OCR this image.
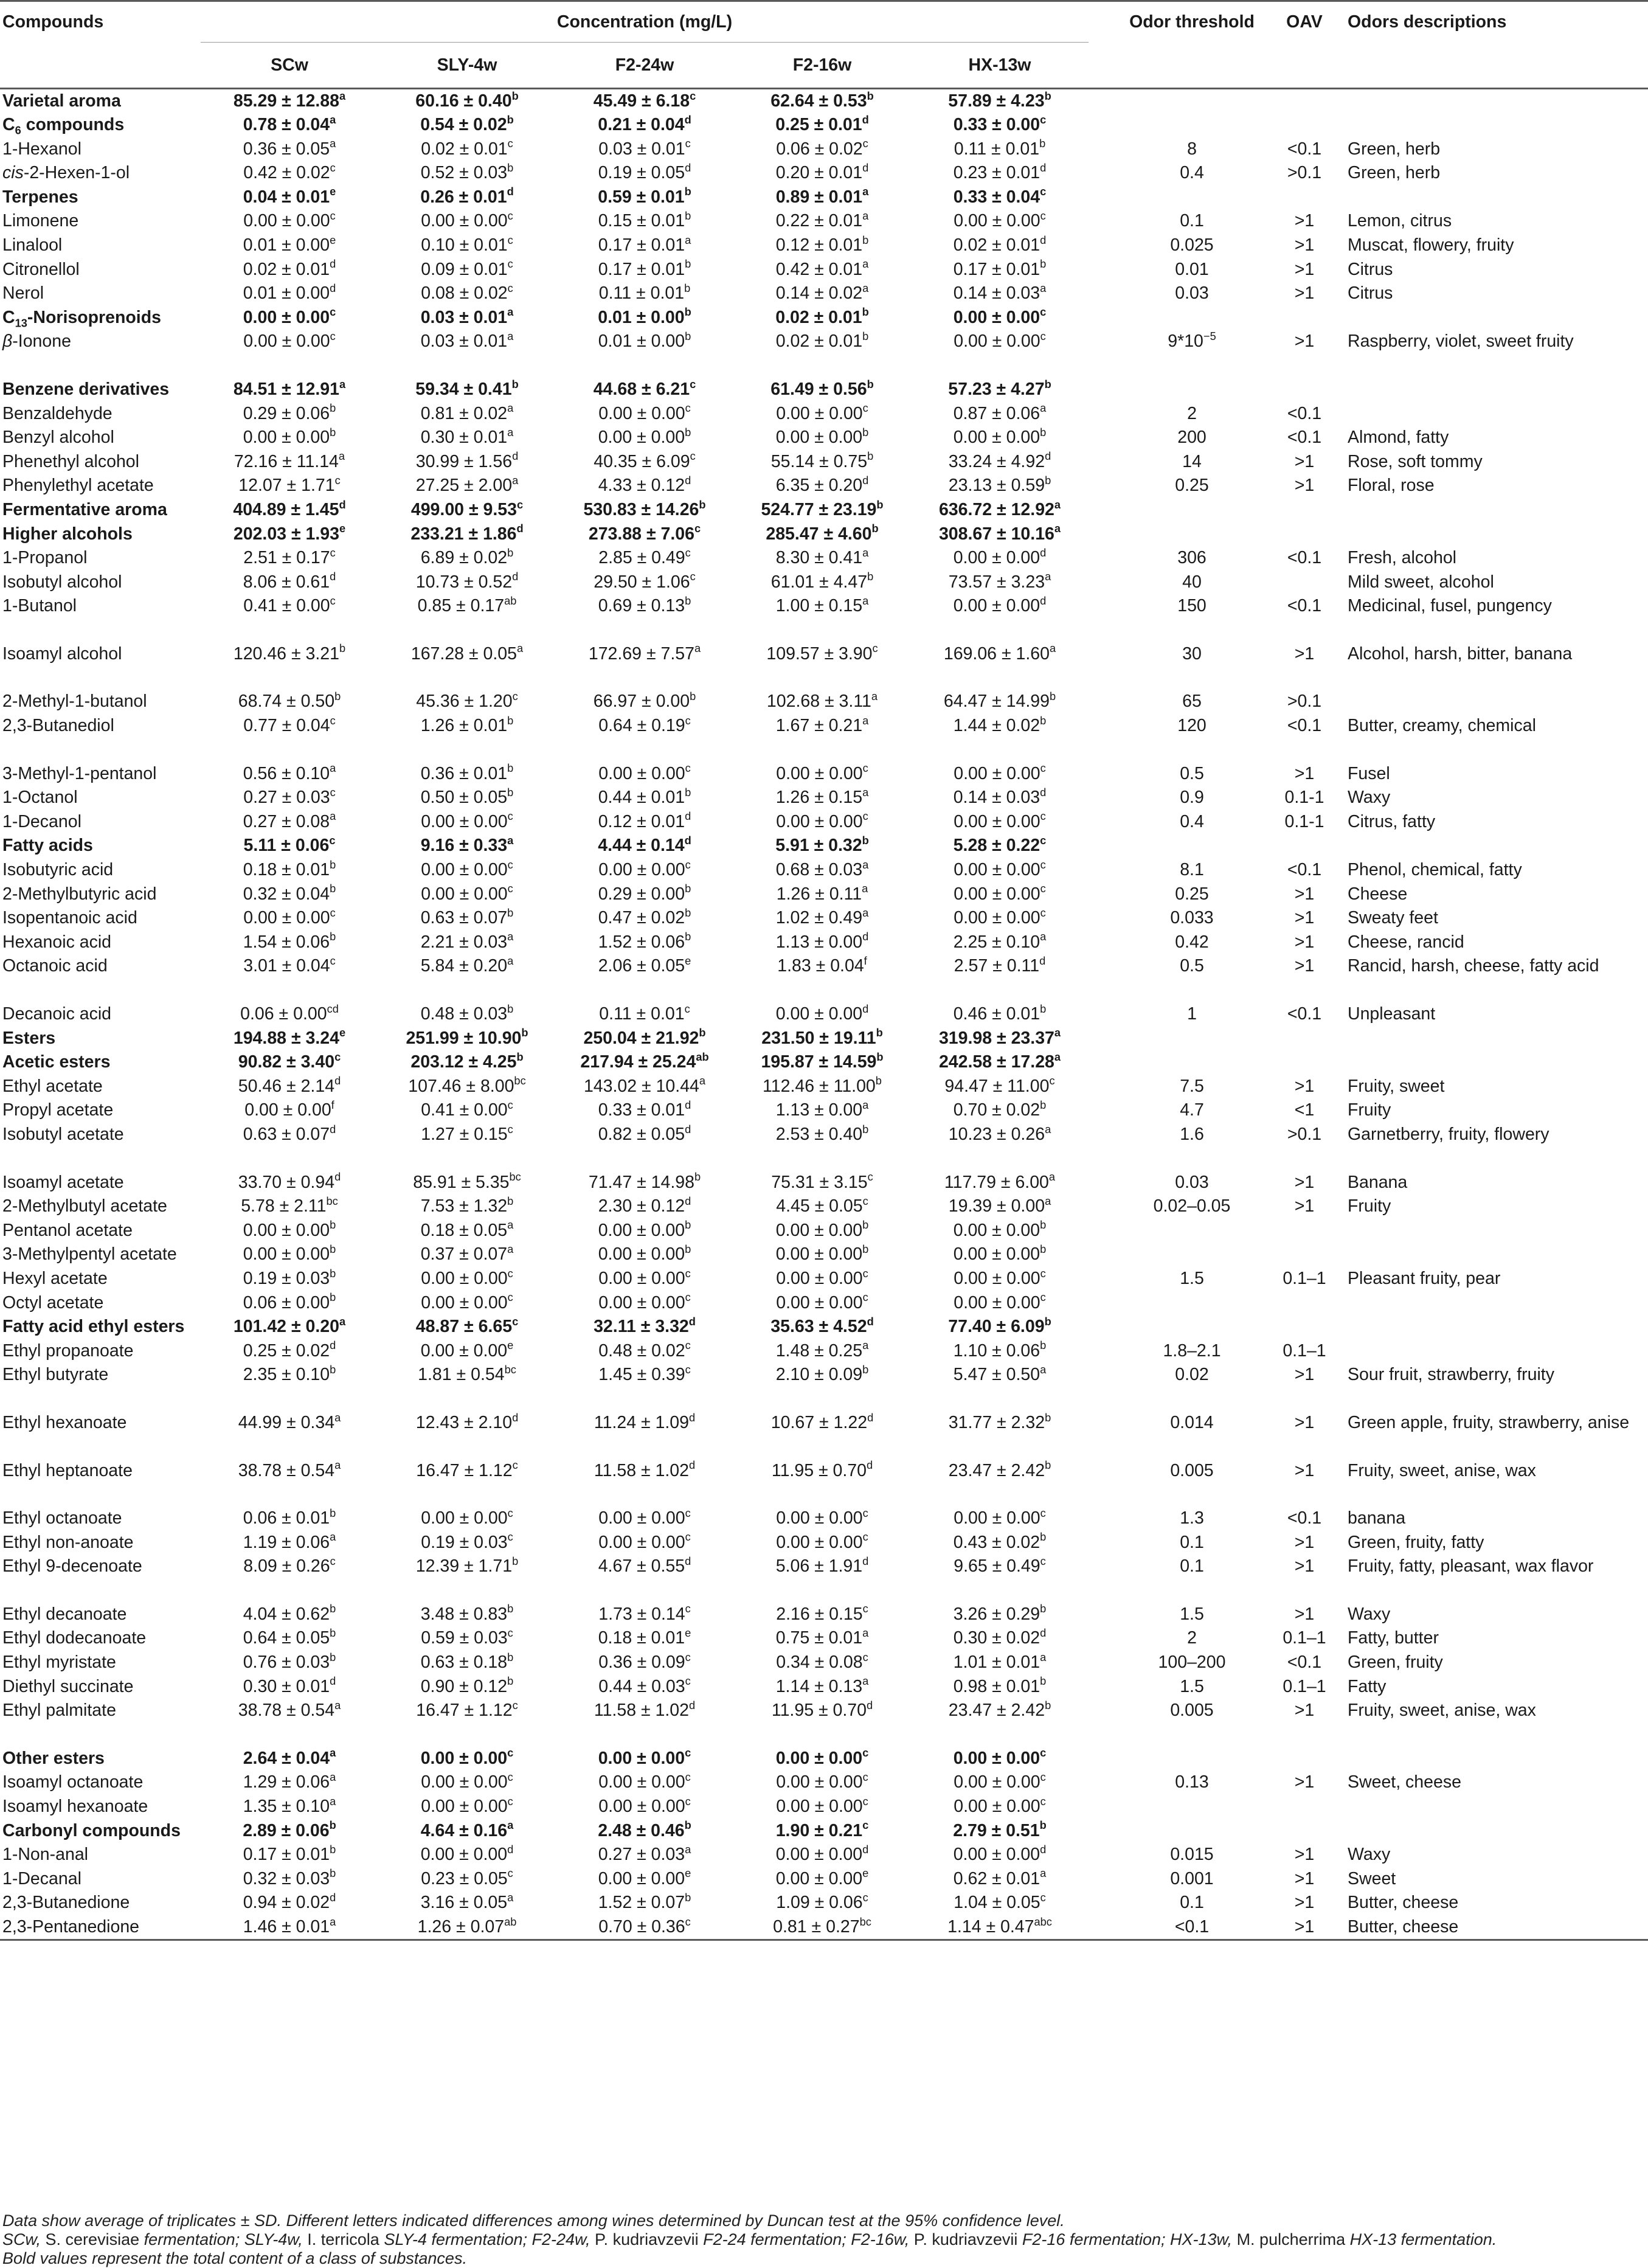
Compounds	Concentration (mg/L)						Odor threshold	OAV	Odors descriptions
	SCw	SLY-4w	F2-24w	F2-16w	HX-13w				
Varietal aroma	85.29 ± 12.88$^a$	60.16 ± 0.40$^b$	45.49 ± 6.18$^c$	62.64 ± 0.53$^b$	57.89 ± 4.23$^b$				
$C_6$ compounds	0.78 ± 0.04$^a$	0.54 ± 0.02$^b$	0.21 ± 0.04$^d$	0.25 ± 0.01$^d$	0.33 ± 0.00$^c$				
1-Hexanol	0.36 ± 0.05$^a$	0.02 ± 0.01$^c$	0.03 ± 0.01$^c$	0.06 ± 0.02$^c$	0.11 ± 0.01$^b$		8	<0.1	Green, herb
cis-2-Hexen-1-ol	0.42 ± 0.02$^c$	0.52 ± 0.03$^b$	0.19 ± 0.05$^d$	0.20 ± 0.01$^d$	0.23 ± 0.01$^d$		0.4	>0.1	Green, herb
Terpenes	0.04 ± 0.01$^e$	0.26 ± 0.01$^d$	0.59 ± 0.01$^b$	0.89 ± 0.01$^a$	0.33 ± 0.04$^c$				
Limonene	0.00 ± 0.00$^c$	0.00 ± 0.00$^c$	0.15 ± 0.01$^b$	0.22 ± 0.01$^a$	0.00 ± 0.00$^c$		0.1	>1	Lemon, citrus
Linalool	0.01 ± 0.00$^e$	0.10 ± 0.01$^c$	0.17 ± 0.01$^a$	0.12 ± 0.01$^b$	0.02 ± 0.01$^d$		0.025	>1	Muscat, flowery, fruity
Citronellol	0.02 ± 0.01$^d$	0.09 ± 0.01$^c$	0.17 ± 0.01$^b$	0.42 ± 0.01$^a$	0.17 ± 0.01$^b$		0.01	>1	Citrus
Nerol	0.01 ± 0.00$^d$	0.08 ± 0.02$^c$	0.11 ± 0.01$^b$	0.14 ± 0.02$^a$	0.14 ± 0.03$^a$		0.03	>1	Citrus
$C_{13}$-Norisoprenoids	0.00 ± 0.00$^c$	0.03 ± 0.01$^a$	0.01 ± 0.00$^b$	0.02 ± 0.01$^b$	0.00 ± 0.00$^c$				
β-Ionone	0.00 ± 0.00$^c$	0.03 ± 0.01$^a$	0.01 ± 0.00$^b$	0.02 ± 0.01$^b$	0.00 ± 0.00$^c$		$9*10^{-5}$	>1	Raspberry, violet, sweet fruity
Benzene derivatives	84.51 ± 12.91$^a$	59.34 ± 0.41$^b$	44.68 ± 6.21$^c$	61.49 ± 0.56$^b$	57.23 ± 4.27$^b$				
Benzaldehyde	0.29 ± 0.06$^b$	0.81 ± 0.02$^a$	0.00 ± 0.00$^c$	0.00 ± 0.00$^c$	0.87 ± 0.06$^a$		2	<0.1	
Benzyl alcohol	0.00 ± 0.00$^b$	0.30 ± 0.01$^a$	0.00 ± 0.00$^b$	0.00 ± 0.00$^b$	0.00 ± 0.00$^b$		200	<0.1	Almond, fatty
Phenethyl alcohol	72.16 ± 11.14$^a$	30.99 ± 1.56$^d$	40.35 ± 6.09$^c$	55.14 ± 0.75$^b$	33.24 ± 4.92$^d$		14	>1	Rose, soft tommy
Phenylethyl acetate	12.07 ± 1.71$^c$	27.25 ± 2.00$^a$	4.33 ± 0.12$^d$	6.35 ± 0.20$^d$	23.13 ± 0.59$^b$		0.25	>1	Floral, rose
Fermentative aroma	404.89 ± 1.45$^d$	499.00 ± 9.53$^c$	530.83 ± 14.26$^b$	524.77 ± 23.19$^b$	636.72 ± 12.92$^a$				
Higher alcohols	202.03 ± 1.93$^e$	233.21 ± 1.86$^d$	273.88 ± 7.06$^c$	285.47 ± 4.60$^b$	308.67 ± 10.16$^a$				
1-Propanol	2.51 ± 0.17$^c$	6.89 ± 0.02$^b$	2.85 ± 0.49$^c$	8.30 ± 0.41$^a$	0.00 ± 0.00$^d$		306	<0.1	Fresh, alcohol
Isobutyl alcohol	8.06 ± 0.61$^d$	10.73 ± 0.52$^d$	29.50 ± 1.06$^c$	61.01 ± 4.47$^b$	73.57 ± 3.23$^a$		40		Mild sweet, alcohol
1-Butanol	0.41 ± 0.00$^c$	0.85 ± 0.17$^{ab}$	0.69 ± 0.13$^b$	1.00 ± 0.15$^a$	0.00 ± 0.00$^d$		150	<0.1	Medicinal, fusel, pungency
Isoamyl alcohol	120.46 ± 3.21$^b$	167.28 ± 0.05$^a$	172.69 ± 7.57$^a$	109.57 ± 3.90$^c$	169.06 ± 1.60$^a$		30	>1	Alcohol, harsh, bitter, banana
2-Methyl-1-butanol	68.74 ± 0.50$^b$	45.36 ± 1.20$^c$	66.97 ± 0.00$^b$	102.68 ± 3.11$^a$	64.47 ± 14.99$^b$		65	>0.1	
2,3-Butanediol	0.77 ± 0.04$^c$	1.26 ± 0.01$^b$	0.64 ± 0.19$^c$	1.67 ± 0.21$^a$	1.44 ± 0.02$^b$		120	<0.1	Butter, creamy, chemical
3-Methyl-1-pentanol	0.56 ± 0.10$^a$	0.36 ± 0.01$^b$	0.00 ± 0.00$^c$	0.00 ± 0.00$^c$	0.00 ± 0.00$^c$		0.5	>1	Fusel
1-Octanol	0.27 ± 0.03$^c$	0.50 ± 0.05$^b$	0.44 ± 0.01$^b$	1.26 ± 0.15$^a$	0.14 ± 0.03$^d$		0.9	0.1-1	Waxy
1-Decanol	0.27 ± 0.08$^a$	0.00 ± 0.00$^c$	0.12 ± 0.01$^d$	0.00 ± 0.00$^c$	0.00 ± 0.00$^c$		0.4	0.1-1	Citrus, fatty
Fatty acids	5.11 ± 0.06$^c$	9.16 ± 0.33$^a$	4.44 ± 0.14$^d$	5.91 ± 0.32$^b$	5.28 ± 0.22$^c$				
Isobutyric acid	0.18 ± 0.01$^b$	0.00 ± 0.00$^c$	0.00 ± 0.00$^c$	0.68 ± 0.03$^a$	0.00 ± 0.00$^c$		8.1	<0.1	Phenol, chemical, fatty
2-Methylbutyric acid	0.32 ± 0.04$^b$	0.00 ± 0.00$^c$	0.29 ± 0.00$^b$	1.26 ± 0.11$^a$	0.00 ± 0.00$^c$		0.25	>1	Cheese
Isopentanoic acid	0.00 ± 0.00$^c$	0.63 ± 0.07$^b$	0.47 ± 0.02$^b$	1.02 ± 0.49$^a$	0.00 ± 0.00$^c$		0.033	>1	Sweaty feet
Hexanoic acid	1.54 ± 0.06$^b$	2.21 ± 0.03$^a$	1.52 ± 0.06$^b$	1.13 ± 0.00$^d$	2.25 ± 0.10$^a$		0.42	>1	Cheese, rancid
Octanoic acid	3.01 ± 0.04$^c$	5.84 ± 0.20$^a$	2.06 ± 0.05$^e$	1.83 ± 0.04$^f$	2.57 ± 0.11$^d$		0.5	>1	Rancid, harsh, cheese, fatty acid
Decanoic acid	0.06 ± 0.00$^{cd}$	0.48 ± 0.03$^b$	0.11 ± 0.01$^c$	0.00 ± 0.00$^d$	0.46 ± 0.01$^b$		1	<0.1	Unpleasant
Esters	194.88 ± 3.24$^e$	251.99 ± 10.90$^b$	250.04 ± 21.92$^b$	231.50 ± 19.11$^b$	319.98 ± 23.37$^a$				
Acetic esters	90.82 ± 3.40$^c$	203.12 ± 4.25$^b$	217.94 ± 25.24$^{ab}$	195.87 ± 14.59$^b$	242.58 ± 17.28$^a$				
Ethyl acetate	50.46 ± 2.14$^d$	107.46 ± 8.00$^{bc}$	143.02 ± 10.44$^a$	112.46 ± 11.00$^b$	94.47 ± 11.00$^c$		7.5	>1	Fruity, sweet
Propyl acetate	0.00 ± 0.00$^f$	0.41 ± 0.00$^c$	0.33 ± 0.01$^d$	1.13 ± 0.00$^a$	0.70 ± 0.02$^b$		4.7	<1	Fruity
Isobutyl acetate	0.63 ± 0.07$^d$	1.27 ± 0.15$^c$	0.82 ± 0.05$^d$	2.53 ± 0.40$^b$	10.23 ± 0.26$^a$		1.6	>0.1	Garnetberry, fruity, flowery
Isoamyl acetate	33.70 ± 0.94$^d$	85.91 ± 5.35$^{bc}$	71.47 ± 14.98$^b$	75.31 ± 3.15$^c$	117.79 ± 6.00$^a$		0.03	>1	Banana
2-Methylbutyl acetate	5.78 ± 2.11$^{bc}$	7.53 ± 1.32$^b$	2.30 ± 0.12$^d$	4.45 ± 0.05$^c$	19.39 ± 0.00$^a$		0.02–0.05	>1	Fruity
Pentanol acetate	0.00 ± 0.00$^b$	0.18 ± 0.05$^a$	0.00 ± 0.00$^b$	0.00 ± 0.00$^b$	0.00 ± 0.00$^b$				
3-Methylpentyl acetate	0.00 ± 0.00$^b$	0.37 ± 0.07$^a$	0.00 ± 0.00$^b$	0.00 ± 0.00$^b$	0.00 ± 0.00$^b$				
Hexyl acetate	0.19 ± 0.03$^b$	0.00 ± 0.00$^c$	0.00 ± 0.00$^c$	0.00 ± 0.00$^c$	0.00 ± 0.00$^c$		1.5	0.1–1	Pleasant fruity, pear
Octyl acetate	0.06 ± 0.00$^b$	0.00 ± 0.00$^c$	0.00 ± 0.00$^c$	0.00 ± 0.00$^c$	0.00 ± 0.00$^c$				
Fatty acid ethyl esters	101.42 ± 0.20$^a$	48.87 ± 6.65$^c$	32.11 ± 3.32$^d$	35.63 ± 4.52$^d$	77.40 ± 6.09$^b$				
Ethyl propanoate	0.25 ± 0.02$^d$	0.00 ± 0.00$^e$	0.48 ± 0.02$^c$	1.48 ± 0.25$^a$	1.10 ± 0.06$^b$		1.8–2.1	0.1–1	
Ethyl butyrate	2.35 ± 0.10$^b$	1.81 ± 0.54$^{bc}$	1.45 ± 0.39$^c$	2.10 ± 0.09$^b$	5.47 ± 0.50$^a$		0.02	>1	Sour fruit, strawberry, fruity
Ethyl hexanoate	44.99 ± 0.34$^a$	12.43 ± 2.10$^d$	11.24 ± 1.09$^d$	10.67 ± 1.22$^d$	31.77 ± 2.32$^b$		0.014	>1	Green apple, fruity, strawberry, anise
Ethyl heptanoate	38.78 ± 0.54$^a$	16.47 ± 1.12$^c$	11.58 ± 1.02$^d$	11.95 ± 0.70$^d$	23.47 ± 2.42$^b$		0.005	>1	Fruity, sweet, anise, wax
Ethyl octanoate	0.06 ± 0.01$^b$	0.00 ± 0.00$^c$	0.00 ± 0.00$^c$	0.00 ± 0.00$^c$	0.00 ± 0.00$^c$		1.3	<0.1	banana
Ethyl non-anoate	1.19 ± 0.06$^a$	0.19 ± 0.03$^c$	0.00 ± 0.00$^c$	0.00 ± 0.00$^c$	0.43 ± 0.02$^b$		0.1	>1	Green, fruity, fatty
Ethyl 9-decenoate	8.09 ± 0.26$^c$	12.39 ± 1.71$^b$	4.67 ± 0.55$^d$	5.06 ± 1.91$^d$	9.65 ± 0.49$^c$		0.1	>1	Fruity, fatty, pleasant, wax flavor
Ethyl decanoate	4.04 ± 0.62$^b$	3.48 ± 0.83$^b$	1.73 ± 0.14$^c$	2.16 ± 0.15$^c$	3.26 ± 0.29$^b$		1.5	>1	Waxy
Ethyl dodecanoate	0.64 ± 0.05$^b$	0.59 ± 0.03$^c$	0.18 ± 0.01$^e$	0.75 ± 0.01$^a$	0.30 ± 0.02$^d$		2	0.1–1	Fatty, butter
Ethyl myristate	0.76 ± 0.03$^b$	0.63 ± 0.18$^b$	0.36 ± 0.09$^c$	0.34 ± 0.08$^c$	1.01 ± 0.01$^a$		100–200	<0.1	Green, fruity
Diethyl succinate	0.30 ± 0.01$^d$	0.90 ± 0.12$^b$	0.44 ± 0.03$^c$	1.14 ± 0.13$^a$	0.98 ± 0.01$^b$		1.5	0.1–1	Fatty
Ethyl palmitate	38.78 ± 0.54$^a$	16.47 ± 1.12$^c$	11.58 ± 1.02$^d$	11.95 ± 0.70$^d$	23.47 ± 2.42$^b$		0.005	>1	Fruity, sweet, anise, wax
Other esters	2.64 ± 0.04$^a$	0.00 ± 0.00$^c$	0.00 ± 0.00$^c$	0.00 ± 0.00$^c$	0.00 ± 0.00$^c$				
Isoamyl octanoate	1.29 ± 0.06$^a$	0.00 ± 0.00$^c$	0.00 ± 0.00$^c$	0.00 ± 0.00$^c$	0.00 ± 0.00$^c$		0.13	>1	Sweet, cheese
Isoamyl hexanoate	1.35 ± 0.10$^a$	0.00 ± 0.00$^c$	0.00 ± 0.00$^c$	0.00 ± 0.00$^c$	0.00 ± 0.00$^c$				
Carbonyl compounds	2.89 ± 0.06$^b$	4.64 ± 0.16$^a$	2.48 ± 0.46$^b$	1.90 ± 0.21$^c$	2.79 ± 0.51$^b$				
1-Non-anal	0.17 ± 0.01$^b$	0.00 ± 0.00$^d$	0.27 ± 0.03$^a$	0.00 ± 0.00$^d$	0.00 ± 0.00$^d$		0.015	>1	Waxy
1-Decanal	0.32 ± 0.03$^b$	0.23 ± 0.05$^c$	0.00 ± 0.00$^e$	0.00 ± 0.00$^e$	0.62 ± 0.01$^a$		0.001	>1	Sweet
2,3-Butanedione	0.94 ± 0.02$^d$	3.16 ± 0.05$^a$	1.52 ± 0.07$^b$	1.09 ± 0.06$^c$	1.04 ± 0.05$^c$		0.1	>1	Butter, cheese
2,3-Pentanedione	1.46 ± 0.01$^a$	1.26 ± 0.07$^{ab}$	0.70 ± 0.36$^c$	0.81 ± 0.27$^{bc}$	1.14 ± 0.47$^{abc}$		<0.1	>1	Butter, cheese
Data show average of triplicates ± SD. Different letters indicated differences among wines determined by Duncan test at the 95% confidence level.
SCw, S. cerevisiae fermentation; SLY-4w, I. terricola SLY-4 fermentation; F2-24w, P. kudriavzevii F2-24 fermentation; F2-16w, P. kudriavzevii F2-16 fermentation; HX-13w, M. pulcherrima HX-13 fermentation.
Bold values represent the total content of a class of substances.
